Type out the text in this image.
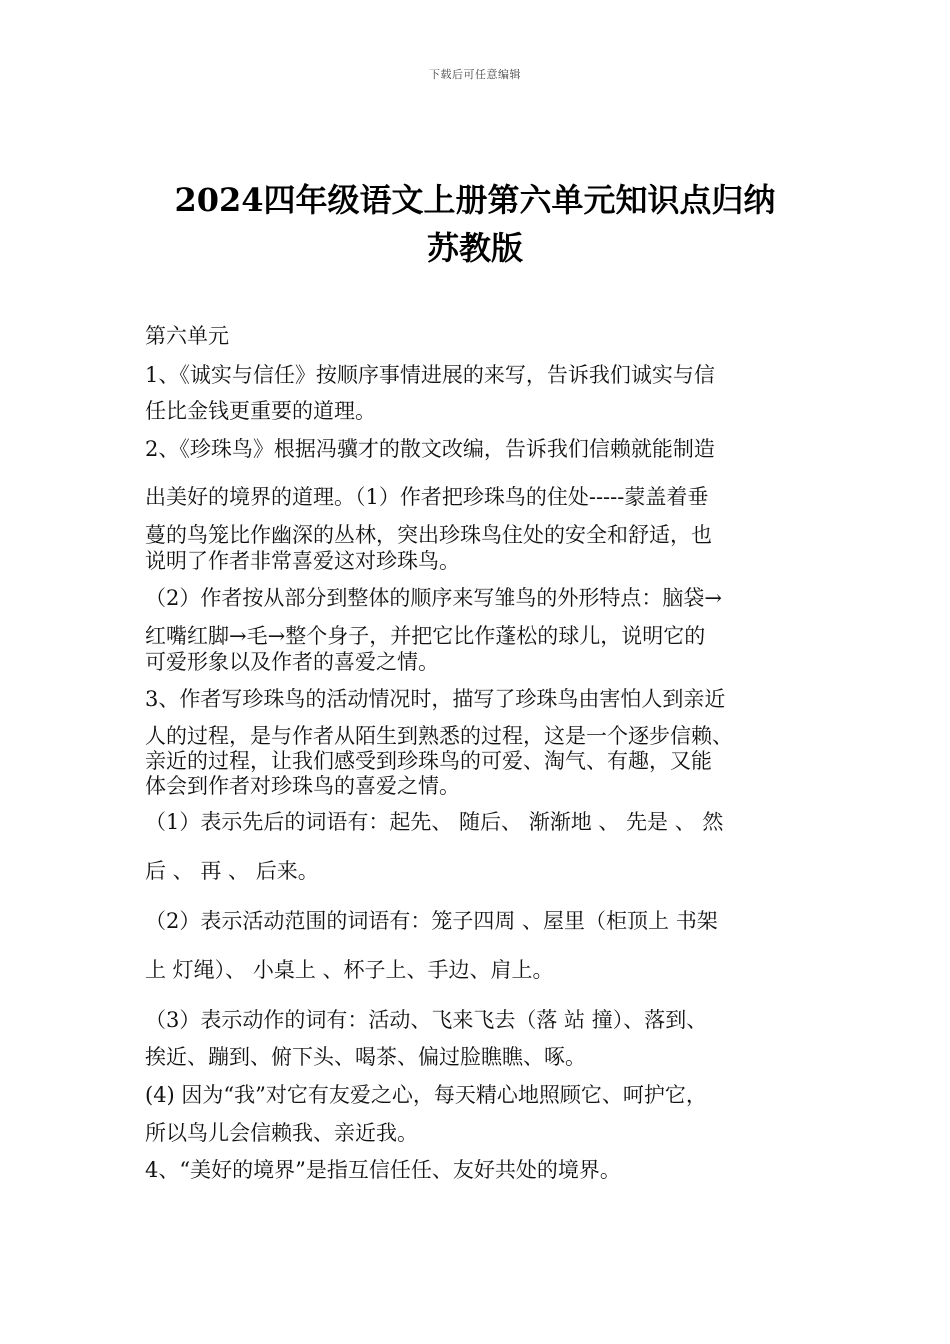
下载后可任意编辑
2024四年级语文上册第六单元知识点归纳
苏教版
第六单元
1、《诚实与信任》按顺序事情进展的来写，告诉我们诚实与信
任比金钱更重要的道理。
2、《珍珠鸟》根据冯骥才的散文改编，告诉我们信赖就能制造
出美好的境界的道理。（1）作者把珍珠鸟的住处-----蒙盖着垂
蔓的鸟笼比作幽深的丛林，突出珍珠鸟住处的安全和舒适，也
说明了作者非常喜爱这对珍珠鸟。
（2）作者按从部分到整体的顺序来写雏鸟的外形特点：脑袋→
红嘴红脚→毛→整个身子，并把它比作蓬松的球儿，说明它的
可爱形象以及作者的喜爱之情。
3、作者写珍珠鸟的活动情况时，描写了珍珠鸟由害怕人到亲近
人的过程，是与作者从陌生到熟悉的过程，这是一个逐步信赖、
亲近的过程，让我们感受到珍珠鸟的可爱、淘气、有趣，又能
体会到作者对珍珠鸟的喜爱之情。
（1）表示先后的词语有：起先、 随后、 渐渐地 、 先是 、 然
后 、 再 、 后来。
（2）表示活动范围的词语有：笼子四周 、屋里（柜顶上 书架
上 灯绳）、 小桌上 、杯子上、手边、肩上。
（3）表示动作的词有：活动、飞来飞去（落 站 撞）、落到、
挨近、蹦到、俯下头、喝茶、偏过脸瞧瞧、啄。
(4) 因为“我”对它有友爱之心，每天精心地照顾它、呵护它，
所以鸟儿会信赖我、亲近我。
4、“美好的境界”是指互信任任、友好共处的境界。
